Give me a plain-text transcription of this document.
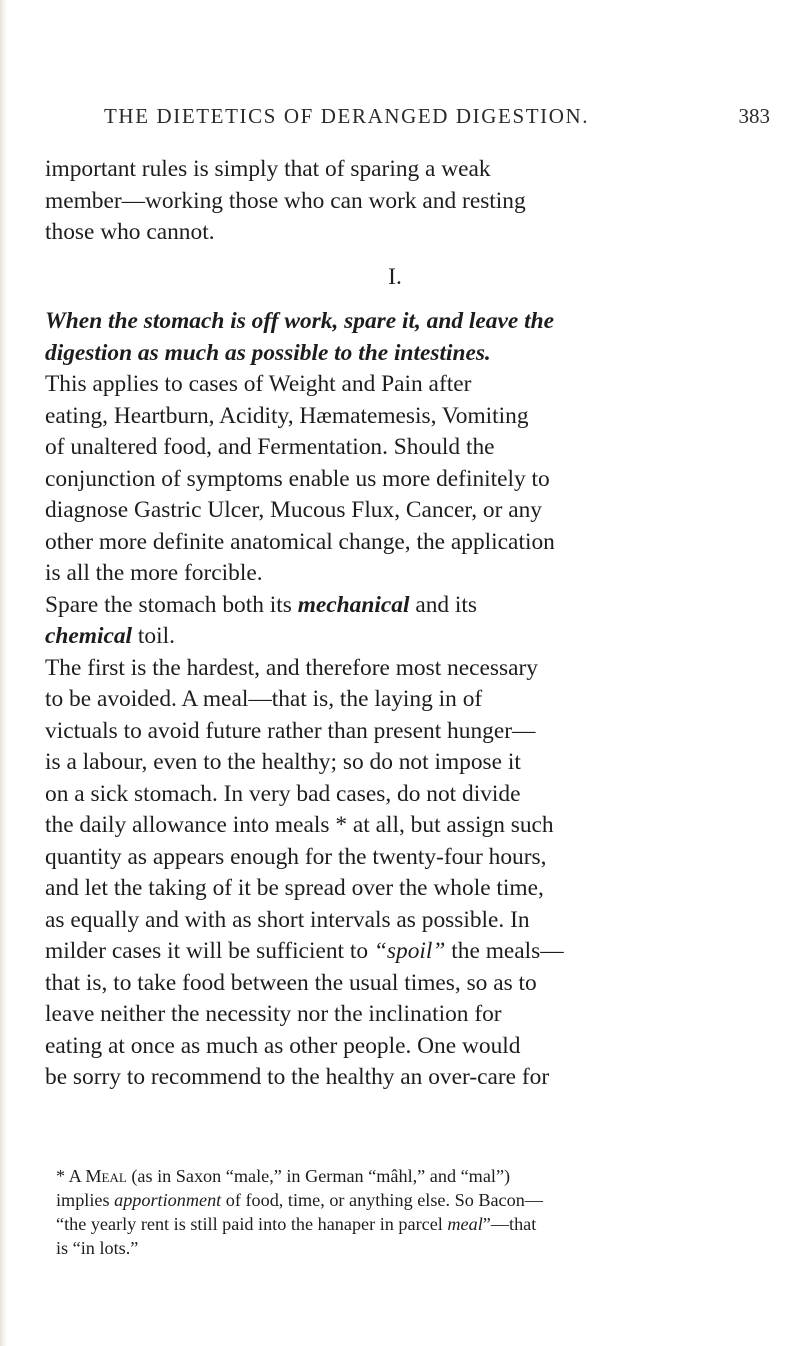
THE DIETETICS OF DERANGED DIGESTION.	383
important rules is simply that of sparing a weak
member—working those who can work and resting
those who cannot.
I.
When the stomach is off work, spare it, and leave the
digestion as much as possible to the intestines.
This applies to cases of Weight and Pain after
eating, Heartburn, Acidity, Hæmatemesis, Vomiting
of unaltered food, and Fermentation. Should the
conjunction of symptoms enable us more definitely to
diagnose Gastric Ulcer, Mucous Flux, Cancer, or any
other more definite anatomical change, the application
is all the more forcible.
Spare the stomach both its mechanical and its
chemical toil.
The first is the hardest, and therefore most necessary
to be avoided. A meal—that is, the laying in of
victuals to avoid future rather than present hunger—
is a labour, even to the healthy; so do not impose it
on a sick stomach. In very bad cases, do not divide
the daily allowance into meals * at all, but assign such
quantity as appears enough for the twenty-four hours,
and let the taking of it be spread over the whole time,
as equally and with as short intervals as possible. In
milder cases it will be sufficient to “spoil” the meals—
that is, to take food between the usual times, so as to
leave neither the necessity nor the inclination for
eating at once as much as other people. One would
be sorry to recommend to the healthy an over-care for
* A Meal (as in Saxon “male,” in German “mâhl,” and “mal”)
implies apportionment of food, time, or anything else. So Bacon—
“the yearly rent is still paid into the hanaper in parcel meal”—that
is “in lots.”
